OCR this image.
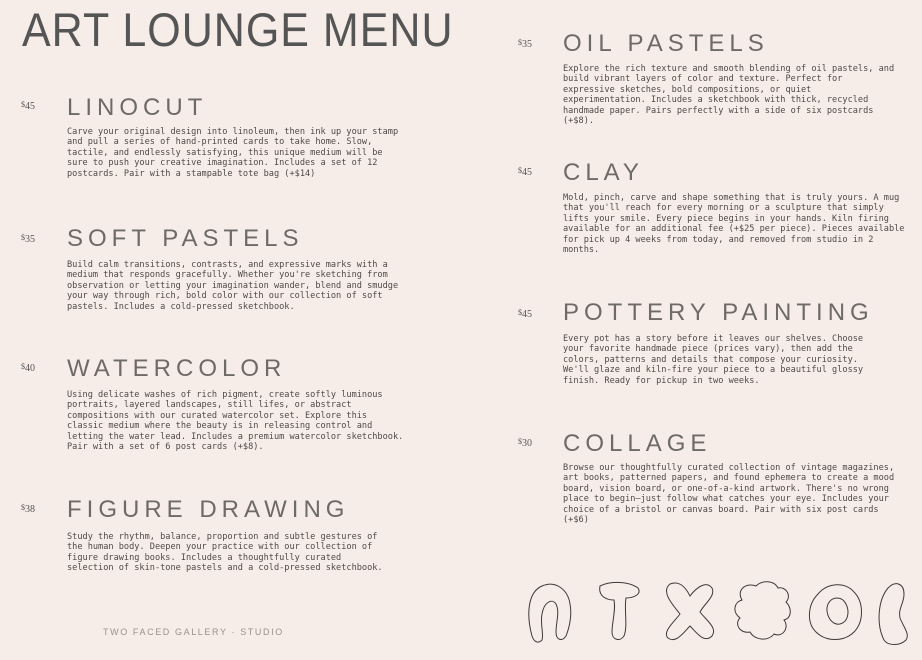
ART LOUNGE MENU
$45 LINOCUT

Carve your original design into linoleum, then ink up your stamp and pull a series of hand-printed cards to take home. Slow, tactile, and endlessly satisfying, this unique medium will be sure to push your creative imagination. Includes a set of 12 postcards. Pair with a stampable tote bag (+$14)

$35 SOFT PASTELS

Build calm transitions, contrasts, and expressive marks with a medium that responds gracefully. Whether you're sketching from observation or letting your imagination wander, blend and smudge your way through rich, bold color with our collection of soft pastels. Includes a cold-pressed sketchbook.

$40 WATERCOLOR

Using delicate washes of rich pigment, create softly luminous portraits, layered landscapes, still lifes, or abstract compositions with our curated watercolor set. Explore this classic medium where the beauty is in releasing control and letting the water lead. Includes a premium watercolor sketchbook. Pair with a set of 6 post cards (+$8).

$38 FIGURE DRAWING

Study the rhythm, balance, proportion and subtle gestures of the human body. Deepen your practice with our collection of figure drawing books. Includes a thoughtfully curated selection of skin-tone pastels and a cold-pressed sketchbook.

TWO FACED GALLERY · STUDIO
$35 OIL PASTELS

Explore the rich texture and smooth blending of oil pastels, and build vibrant layers of color and texture. Perfect for expressive sketches, bold compositions, or quiet experimentation. Includes a sketchbook with thick, recycled handmade paper. Pairs perfectly with a side of six postcards (+$8).

$45 CLAY

Mold, pinch, carve and shape something that is truly yours. A mug that you'll reach for every morning or a sculpture that simply lifts your smile. Every piece begins in your hands. Kiln firing available for an additional fee (+$25 per piece). Pieces available for pick up 4 weeks from today, and removed from studio in 2 months.

$45 POTTERY PAINTING

Every pot has a story before it leaves our shelves. Choose your favorite handmade piece (prices vary), then add the colors, patterns and details that compose your curiosity. We'll glaze and kiln-fire your piece to a beautiful glossy finish. Ready for pickup in two weeks.

$30 COLLAGE

Browse our thoughtfully curated collection of vintage magazines, art books, patterned papers, and found ephemera to create a mood board, vision board, or one-of-a-kind artwork. There's no wrong place to begin—just follow what catches your eye. Includes your choice of a bristol or canvas board. Pair with six post cards (+$6)
